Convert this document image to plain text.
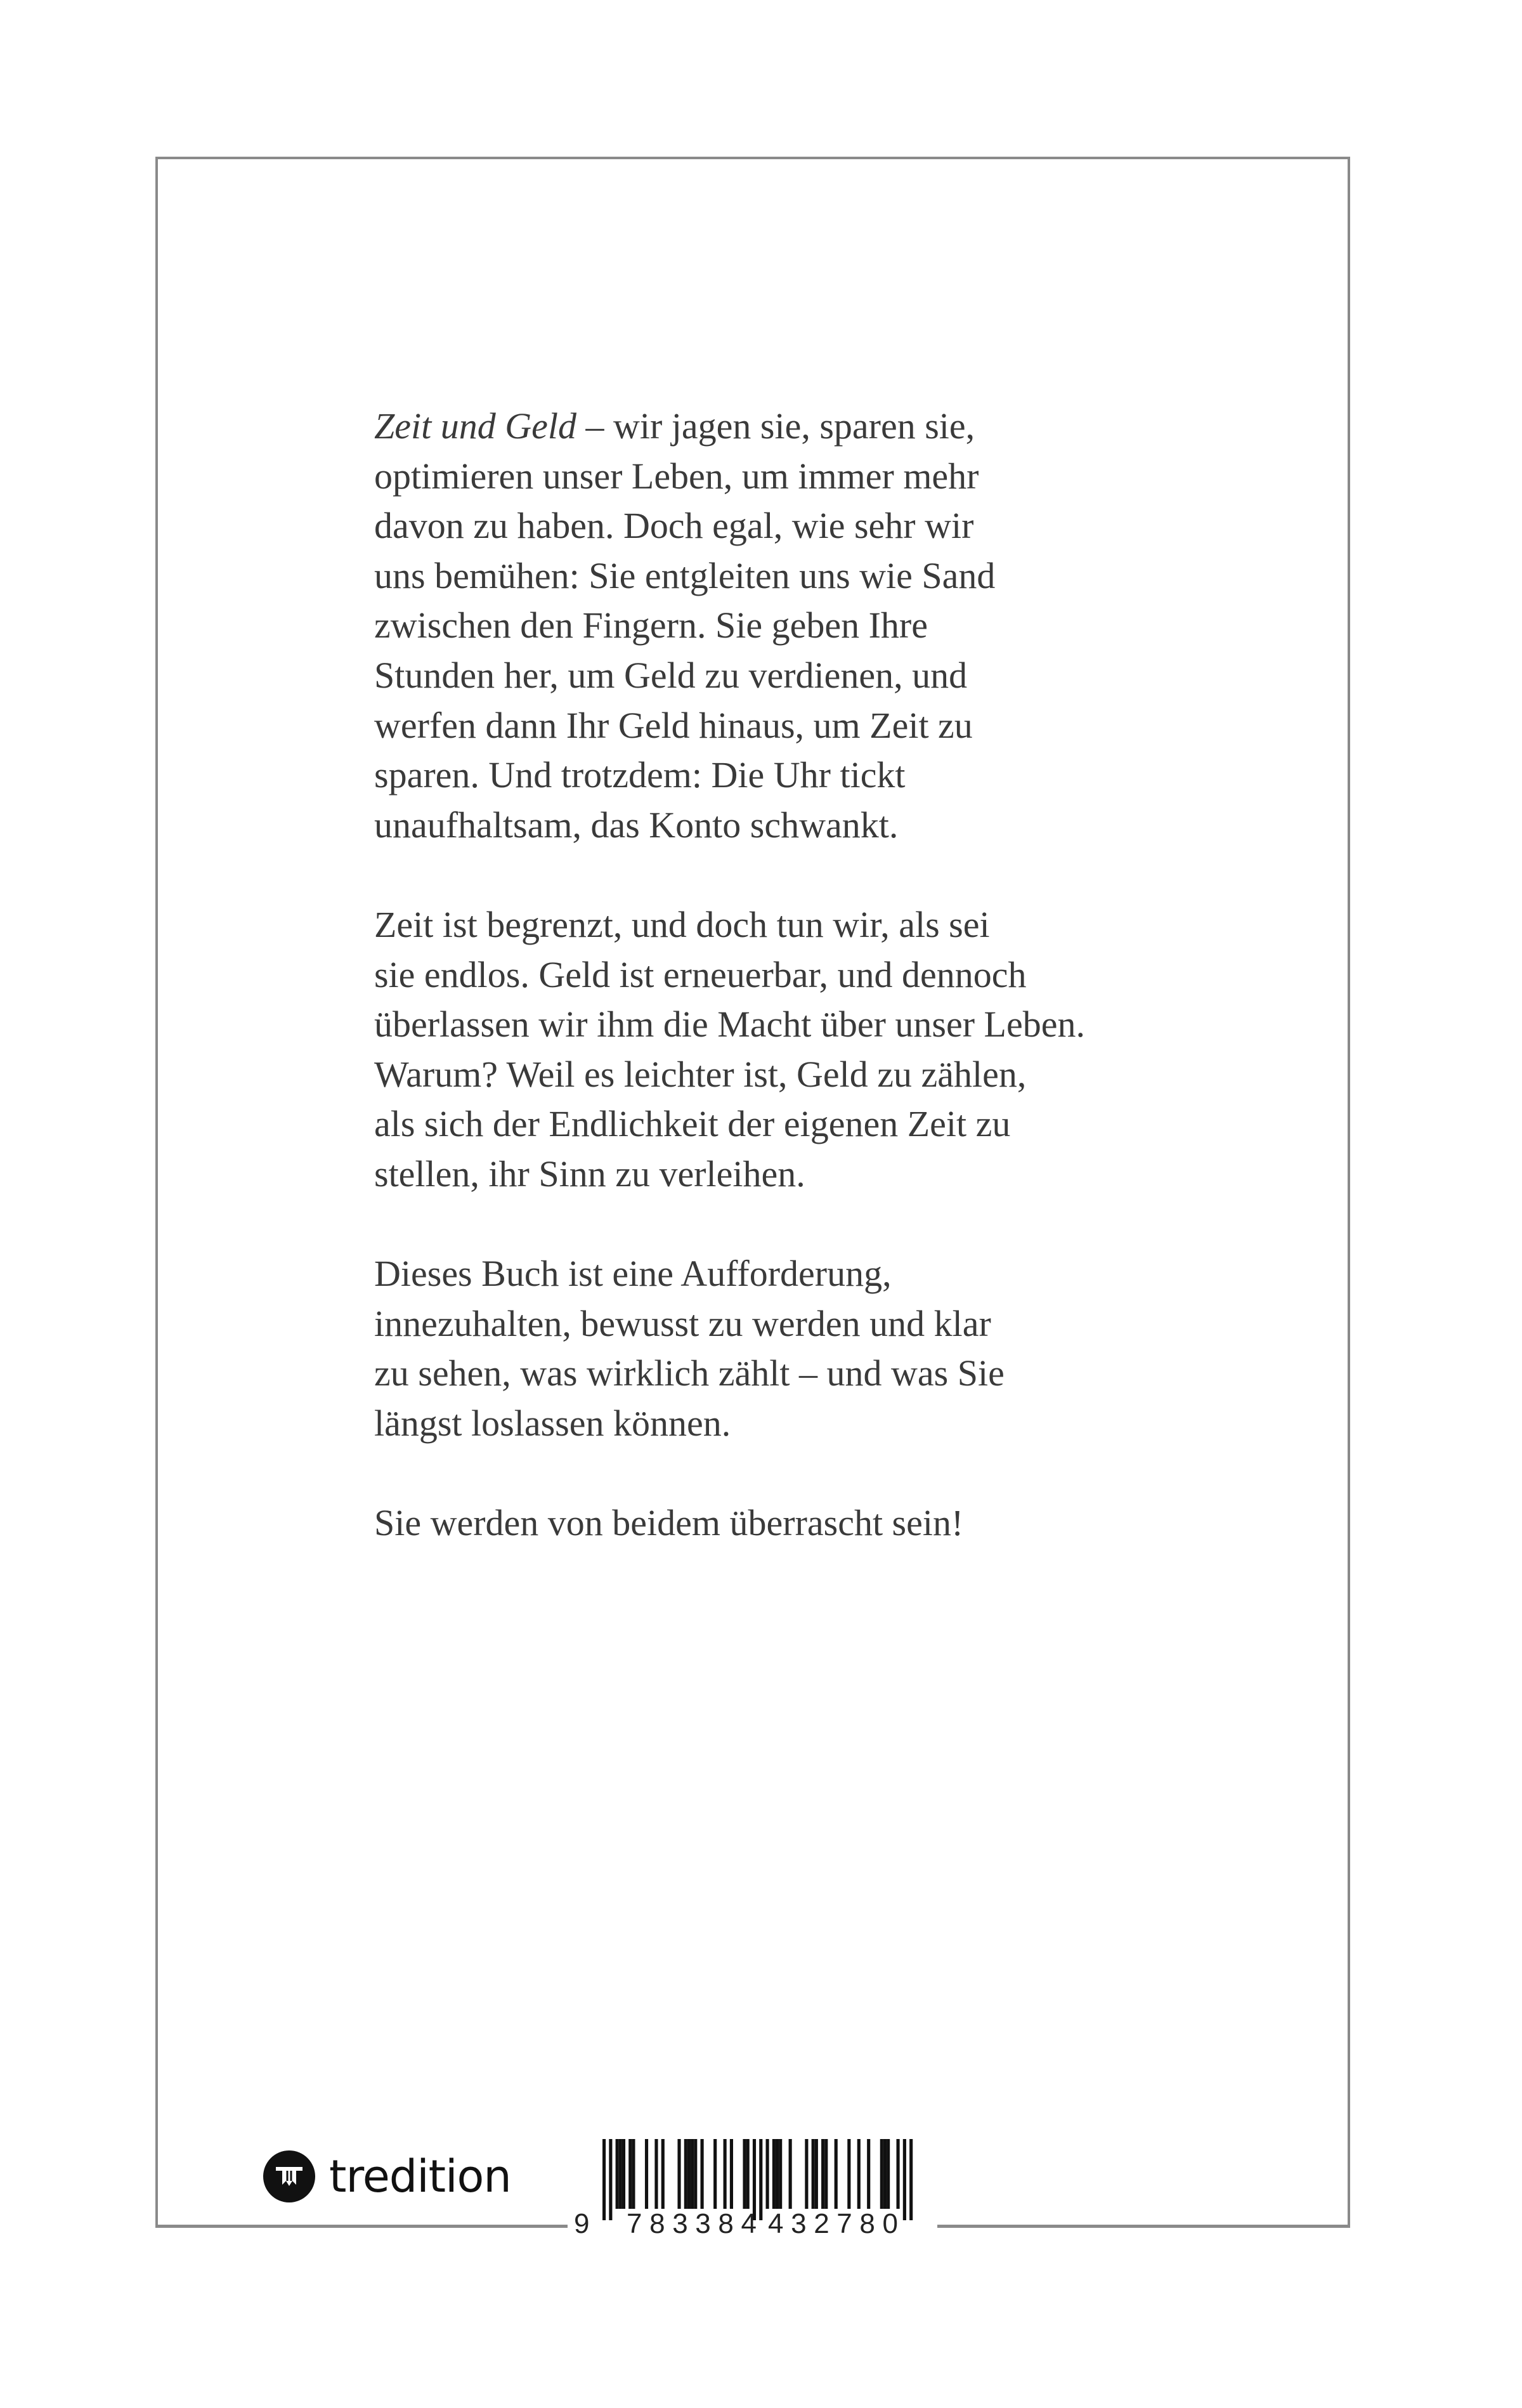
Zeit und Geld – wir jagen sie, sparen sie,
optimieren unser Leben, um immer mehr
davon zu haben. Doch egal, wie sehr wir
uns bemühen: Sie entgleiten uns wie Sand
zwischen den Fingern. Sie geben Ihre
Stunden her, um Geld zu verdienen, und
werfen dann Ihr Geld hinaus, um Zeit zu
sparen. Und trotzdem: Die Uhr tickt
unaufhaltsam, das Konto schwankt.
Zeit ist begrenzt, und doch tun wir, als sei
sie endlos. Geld ist erneuerbar, und dennoch
überlassen wir ihm die Macht über unser Leben.
Warum? Weil es leichter ist, Geld zu zählen,
als sich der Endlichkeit der eigenen Zeit zu
stellen, ihr Sinn zu verleihen.
Dieses Buch ist eine Aufforderung,
innezuhalten, bewusst zu werden und klar
zu sehen, was wirklich zählt – und was Sie
längst loslassen können.
Sie werden von beidem überrascht sein!
tredition
9 783384 432780
